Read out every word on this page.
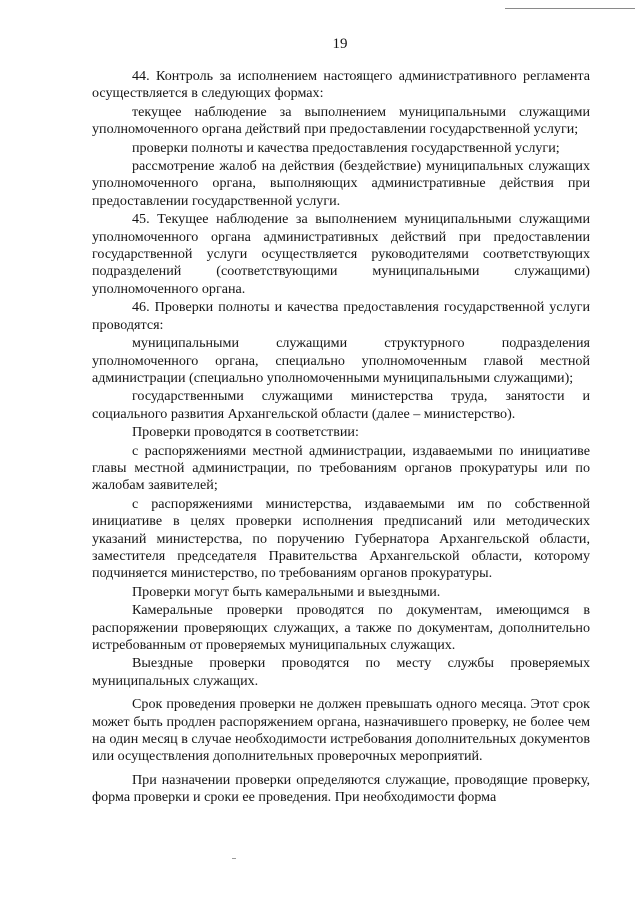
19

44. Контроль за исполнением настоящего административного регламента осуществляется в следующих формах:

текущее наблюдение за выполнением муниципальными служащими уполномоченного органа действий при предоставлении государственной услуги;

проверки полноты и качества предоставления государственной услуги;

рассмотрение жалоб на действия (бездействие) муниципальных служащих уполномоченного органа, выполняющих административные действия при предоставлении государственной услуги.

45. Текущее наблюдение за выполнением муниципальными служащими уполномоченного органа административных действий при предоставлении государственной услуги осуществляется руководителями соответствующих подразделений (соответствующими муниципальными служащими) уполномоченного органа.

46. Проверки полноты и качества предоставления государственной услуги проводятся:

муниципальными служащими структурного подразделения уполномоченного органа, специально уполномоченным главой местной администрации (специально уполномоченными муниципальными служащими);

государственными служащими министерства труда, занятости и социального развития Архангельской области (далее – министерство).

Проверки проводятся в соответствии:

с распоряжениями местной администрации, издаваемыми по инициативе главы местной администрации, по требованиям органов прокуратуры или по жалобам заявителей;

с распоряжениями министерства, издаваемыми им по собственной инициативе в целях проверки исполнения предписаний или методических указаний министерства, по поручению Губернатора Архангельской области, заместителя председателя Правительства Архангельской области, которому подчиняется министерство, по требованиям органов прокуратуры.

Проверки могут быть камеральными и выездными.

Камеральные проверки проводятся по документам, имеющимся в распоряжении проверяющих служащих, а также по документам, дополнительно истребованным от проверяемых муниципальных служащих.

Выездные проверки проводятся по месту службы проверяемых муниципальных служащих.

Срок проведения проверки не должен превышать одного месяца. Этот срок может быть продлен распоряжением органа, назначившего проверку, не более чем на один месяц в случае необходимости истребования дополнительных документов или осуществления дополнительных проверочных мероприятий.

При назначении проверки определяются служащие, проводящие проверку, форма проверки и сроки ее проведения. При необходимости форма
